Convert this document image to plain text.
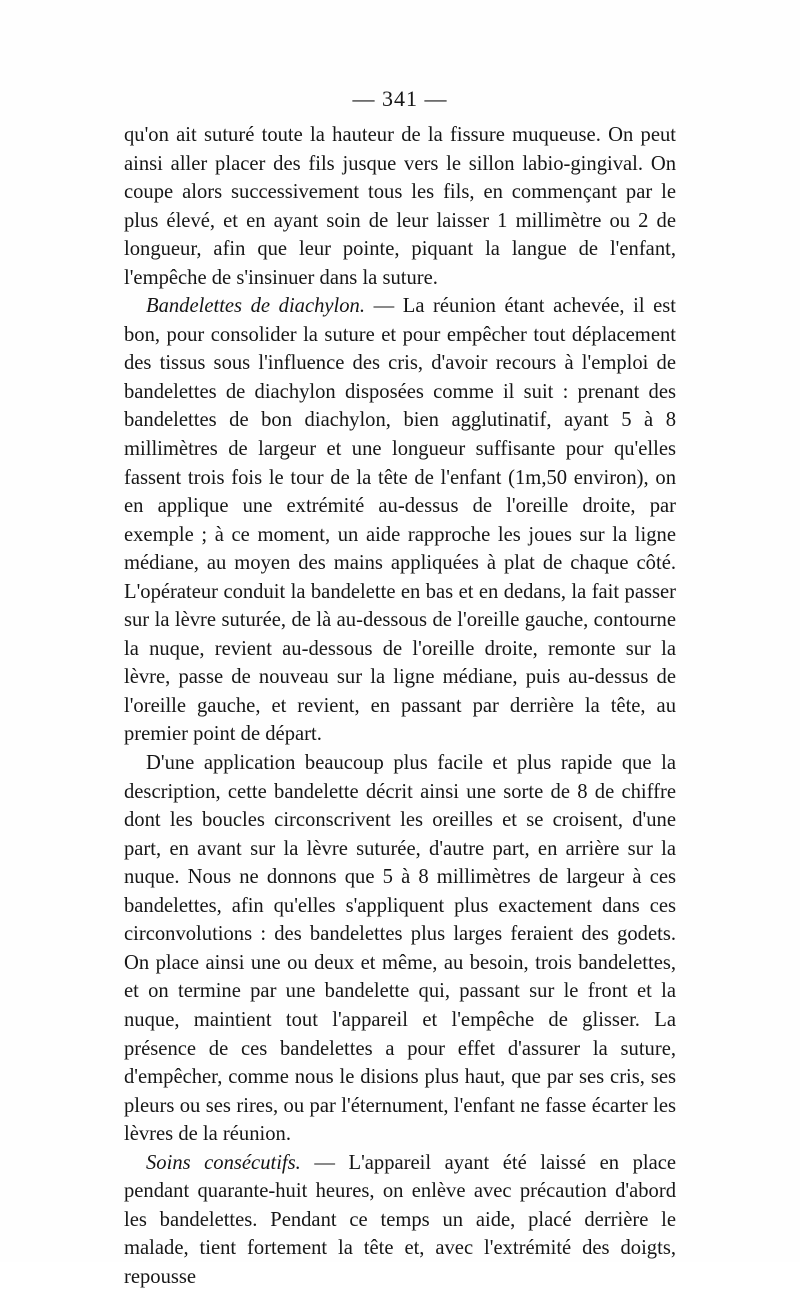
— 341 —

qu'on ait suturé toute la hauteur de la fissure muqueuse. On peut ainsi aller placer des fils jusque vers le sillon labio-gingival. On coupe alors successivement tous les fils, en commençant par le plus élevé, et en ayant soin de leur laisser 1 millimètre ou 2 de longueur, afin que leur pointe, piquant la langue de l'enfant, l'empêche de s'insinuer dans la suture.

Bandelettes de diachylon. — La réunion étant achevée, il est bon, pour consolider la suture et pour empêcher tout déplacement des tissus sous l'influence des cris, d'avoir recours à l'emploi de bandelettes de diachylon disposées comme il suit : prenant des bandelettes de bon diachylon, bien agglutinatif, ayant 5 à 8 millimètres de largeur et une longueur suffisante pour qu'elles fassent trois fois le tour de la tête de l'enfant (1m,50 environ), on en applique une extrémité au-dessus de l'oreille droite, par exemple ; à ce moment, un aide rapproche les joues sur la ligne médiane, au moyen des mains appliquées à plat de chaque côté. L'opérateur conduit la bandelette en bas et en dedans, la fait passer sur la lèvre suturée, de là au-dessous de l'oreille gauche, contourne la nuque, revient au-dessous de l'oreille droite, remonte sur la lèvre, passe de nouveau sur la ligne médiane, puis au-dessus de l'oreille gauche, et revient, en passant par derrière la tête, au premier point de départ.

D'une application beaucoup plus facile et plus rapide que la description, cette bandelette décrit ainsi une sorte de 8 de chiffre dont les boucles circonscrivent les oreilles et se croisent, d'une part, en avant sur la lèvre suturée, d'autre part, en arrière sur la nuque. Nous ne donnons que 5 à 8 millimètres de largeur à ces bandelettes, afin qu'elles s'appliquent plus exactement dans ces circonvolutions : des bandelettes plus larges feraient des godets. On place ainsi une ou deux et même, au besoin, trois bandelettes, et on termine par une bandelette qui, passant sur le front et la nuque, maintient tout l'appareil et l'empêche de glisser. La présence de ces bandelettes a pour effet d'assurer la suture, d'empêcher, comme nous le disions plus haut, que par ses cris, ses pleurs ou ses rires, ou par l'éternument, l'enfant ne fasse écarter les lèvres de la réunion.

Soins consécutifs. — L'appareil ayant été laissé en place pendant quarante-huit heures, on enlève avec précaution d'abord les bandelettes. Pendant ce temps un aide, placé derrière le malade, tient fortement la tête et, avec l'extrémité des doigts, repousse
